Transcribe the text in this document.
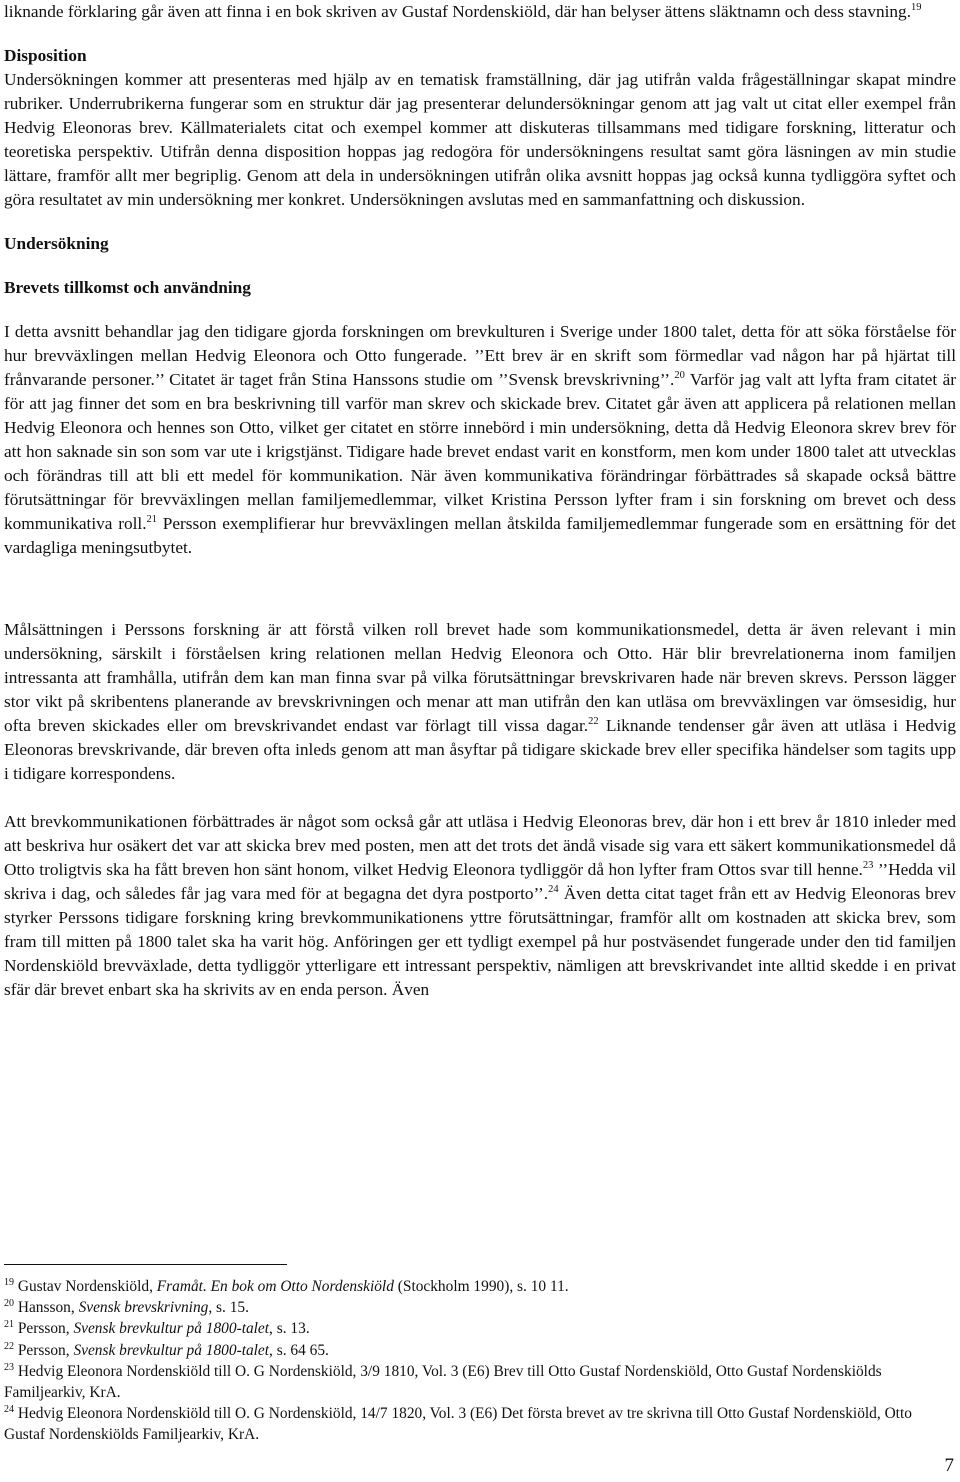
liknande förklaring går även att finna i en bok skriven av Gustaf Nordenskiöld, där han belyser ättens släktnamn och dess stavning.$^{19}$

Disposition

Undersökningen kommer att presenteras med hjälp av en tematisk framställning, där jag utifrån valda frågeställningar skapat mindre rubriker. Underrubrikerna fungerar som en struktur där jag presenterar delundersökningar genom att jag valt ut citat eller exempel från Hedvig Eleonoras brev. Källmaterialets citat och exempel kommer att diskuteras tillsammans med tidigare forskning, litteratur och teoretiska perspektiv. Utifrån denna disposition hoppas jag redogöra för undersökningens resultat samt göra läsningen av min studie lättare, framför allt mer begriplig. Genom att dela in undersökningen utifrån olika avsnitt hoppas jag också kunna tydliggöra syftet och göra resultatet av min undersökning mer konkret. Undersökningen avslutas med en sammanfattning och diskussion.

Undersökning

Brevets tillkomst och användning

I detta avsnitt behandlar jag den tidigare gjorda forskningen om brevkulturen i Sverige under 1800 talet, detta för att söka förståelse för hur brevväxlingen mellan Hedvig Eleonora och Otto fungerade. ’’Ett brev är en skrift som förmedlar vad någon har på hjärtat till frånvarande personer.’’ Citatet är taget från Stina Hanssons studie om ’’Svensk brevskrivning’’.$^{20}$ Varför jag valt att lyfta fram citatet är för att jag finner det som en bra beskrivning till varför man skrev och skickade brev. Citatet går även att applicera på relationen mellan Hedvig Eleonora och hennes son Otto, vilket ger citatet en större innebörd i min undersökning, detta då Hedvig Eleonora skrev brev för att hon saknade sin son som var ute i krigstjänst. Tidigare hade brevet endast varit en konstform, men kom under 1800 talet att utvecklas och förändras till att bli ett medel för kommunikation. När även kommunikativa förändringar förbättrades så skapade också bättre förutsättningar för brevväxlingen mellan familjemedlemmar, vilket Kristina Persson lyfter fram i sin forskning om brevet och dess kommunikativa roll.$^{21}$ Persson exemplifierar hur brevväxlingen mellan åtskilda familjemedlemmar fungerade som en ersättning för det vardagliga meningsutbytet.

Målsättningen i Perssons forskning är att förstå vilken roll brevet hade som kommunikationsmedel, detta är även relevant i min undersökning, särskilt i förståelsen kring relationen mellan Hedvig Eleonora och Otto. Här blir brevrelationerna inom familjen intressanta att framhålla, utifrån dem kan man finna svar på vilka förutsättningar brevskrivaren hade när breven skrevs. Persson lägger stor vikt på skribentens planerande av brevskrivningen och menar att man utifrån den kan utläsa om brevväxlingen var ömsesidig, hur ofta breven skickades eller om brevskrivandet endast var förlagt till vissa dagar.$^{22}$ Liknande tendenser går även att utläsa i Hedvig Eleonoras brevskrivande, där breven ofta inleds genom att man åsyftar på tidigare skickade brev eller specifika händelser som tagits upp i tidigare korrespondens.

Att brevkommunikationen förbättrades är något som också går att utläsa i Hedvig Eleonoras brev, där hon i ett brev år 1810 inleder med att beskriva hur osäkert det var att skicka brev med posten, men att det trots det ändå visade sig vara ett säkert kommunikationsmedel då Otto troligtvis ska ha fått breven hon sänt honom, vilket Hedvig Eleonora tydliggör då hon lyfter fram Ottos svar till henne.$^{23}$ ’’Hedda vil skriva i dag, och således får jag vara med för at begagna det dyra postporto’’.$^{24}$ Även detta citat taget från ett av Hedvig Eleonoras brev styrker Perssons tidigare forskning kring brevkommunikationens yttre förutsättningar, framför allt om kostnaden att skicka brev, som fram till mitten på 1800 talet ska ha varit hög. Anföringen ger ett tydligt exempel på hur postväsendet fungerade under den tid familjen Nordenskiöld brevväxlade, detta tydliggör ytterligare ett intressant perspektiv, nämligen att brevskrivandet inte alltid skedde i en privat sfär där brevet enbart ska ha skrivits av en enda person. Även

$^{19}$ Gustav Nordenskiöld, Framåt. En bok om Otto Nordenskiöld (Stockholm 1990), s. 10 11.

$^{20}$ Hansson, Svensk brevskrivning, s. 15.

$^{21}$ Persson, Svensk brevkultur på 1800-talet, s. 13.

$^{22}$ Persson, Svensk brevkultur på 1800-talet, s. 64 65.

$^{23}$ Hedvig Eleonora Nordenskiöld till O. G Nordenskiöld, 3/9 1810, Vol. 3 (E6) Brev till Otto Gustaf Nordenskiöld, Otto Gustaf Nordenskiölds Familjearkiv, KrA.

$^{24}$ Hedvig Eleonora Nordenskiöld till O. G Nordenskiöld, 14/7 1820, Vol. 3 (E6) Det första brevet av tre skrivna till Otto Gustaf Nordenskiöld, Otto Gustaf Nordenskiölds Familjearkiv, KrA.

7
